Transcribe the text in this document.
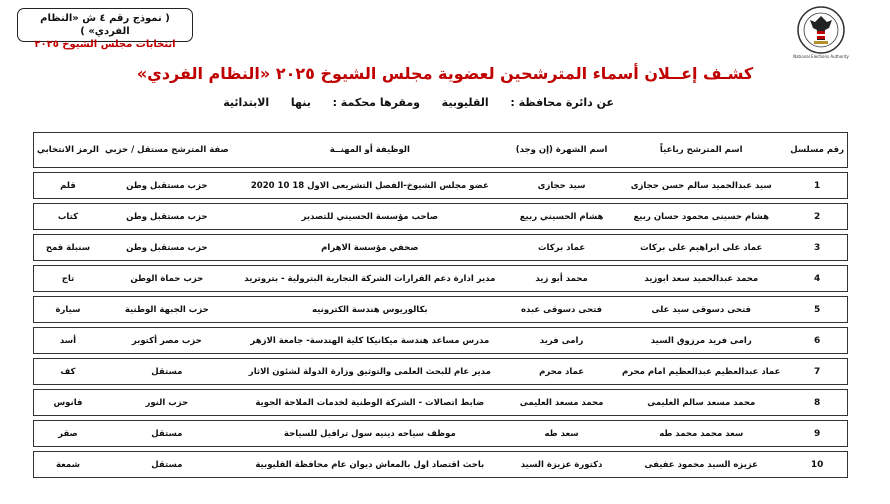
( نموذج رقم ٤ ش «النظام الفردي» )
انتخابات مجلس الشيوخ ٢٠٢٥
National Elections Authority
كشـف إعــلان أسماء المترشحين لعضوية مجلس الشيوخ ٢٠٢٥ «النظام الفردي»
عن دائرة محافظة :  القليوبية  ومقرها محكمة :  بنها  الابتدائية
رقم مسلسل	اسم المترشح رباعياً	اسم الشهرة (إن وجد)	الوظيفة أو المهنــة	صفة المترشح مستقل / حزبي	الرمز الانتخابي
1	سيد عبدالحميد سالم حسن حجازى	سيد حجازى	عضو مجلس الشيوخ-الفصل التشريعى الاول 18 10 2020	حزب مستقبل وطن	قلم
2	هشام حسينى محمود حسان ربيع	هشام الحسيني ربيع	صاحب مؤسسة الحسيني للتصدير	حزب مستقبل وطن	كتاب
3	عماد على ابراهيم على بركات	عماد بركات	صحفي مؤسسة الاهرام	حزب مستقبل وطن	سنبلة قمح
4	محمد عبدالحميد سعد ابوزيد	محمد أبو زيد	مدير ادارة دعم القرارات الشركة التجارية البترولية - بتروتريد	حزب حماة الوطن	تاج
5	فتحى دسوقى سيد على	فتحى دسوقى عبده	بكالوريوس هندسة الكترونيه	حزب الجبهة الوطنية	سيارة
6	رامى فريد مرزوق السيد	رامى فريد	مدرس مساعد هندسة ميكانيكا كلية الهندسة- جامعة الازهر	حزب مصر أكتوبر	أسد
7	عماد عبدالعظيم عبدالعظيم امام محرم	عماد محرم	مدير عام للبحث العلمى والتوثيق وزارة الدولة لشئون الاثار	مستقل	كف
8	محمد مسعد سالم العليمى	محمد مسعد العليمى	ضابط اتصالات - الشركة الوطنية لخدمات الملاحة الجوية	حزب النور	فانوس
9	سعد محمد محمد طه	سعد طه	موظف سياحه دينيه سول ترافيل للسياحة	مستقل	صقر
10	عزيزه السيد محمود عفيفى	دكتورة عزيزة السيد	باحث اقتصاد اول بالمعاش ديوان عام محافظة القليوبية	مستقل	شمعة
